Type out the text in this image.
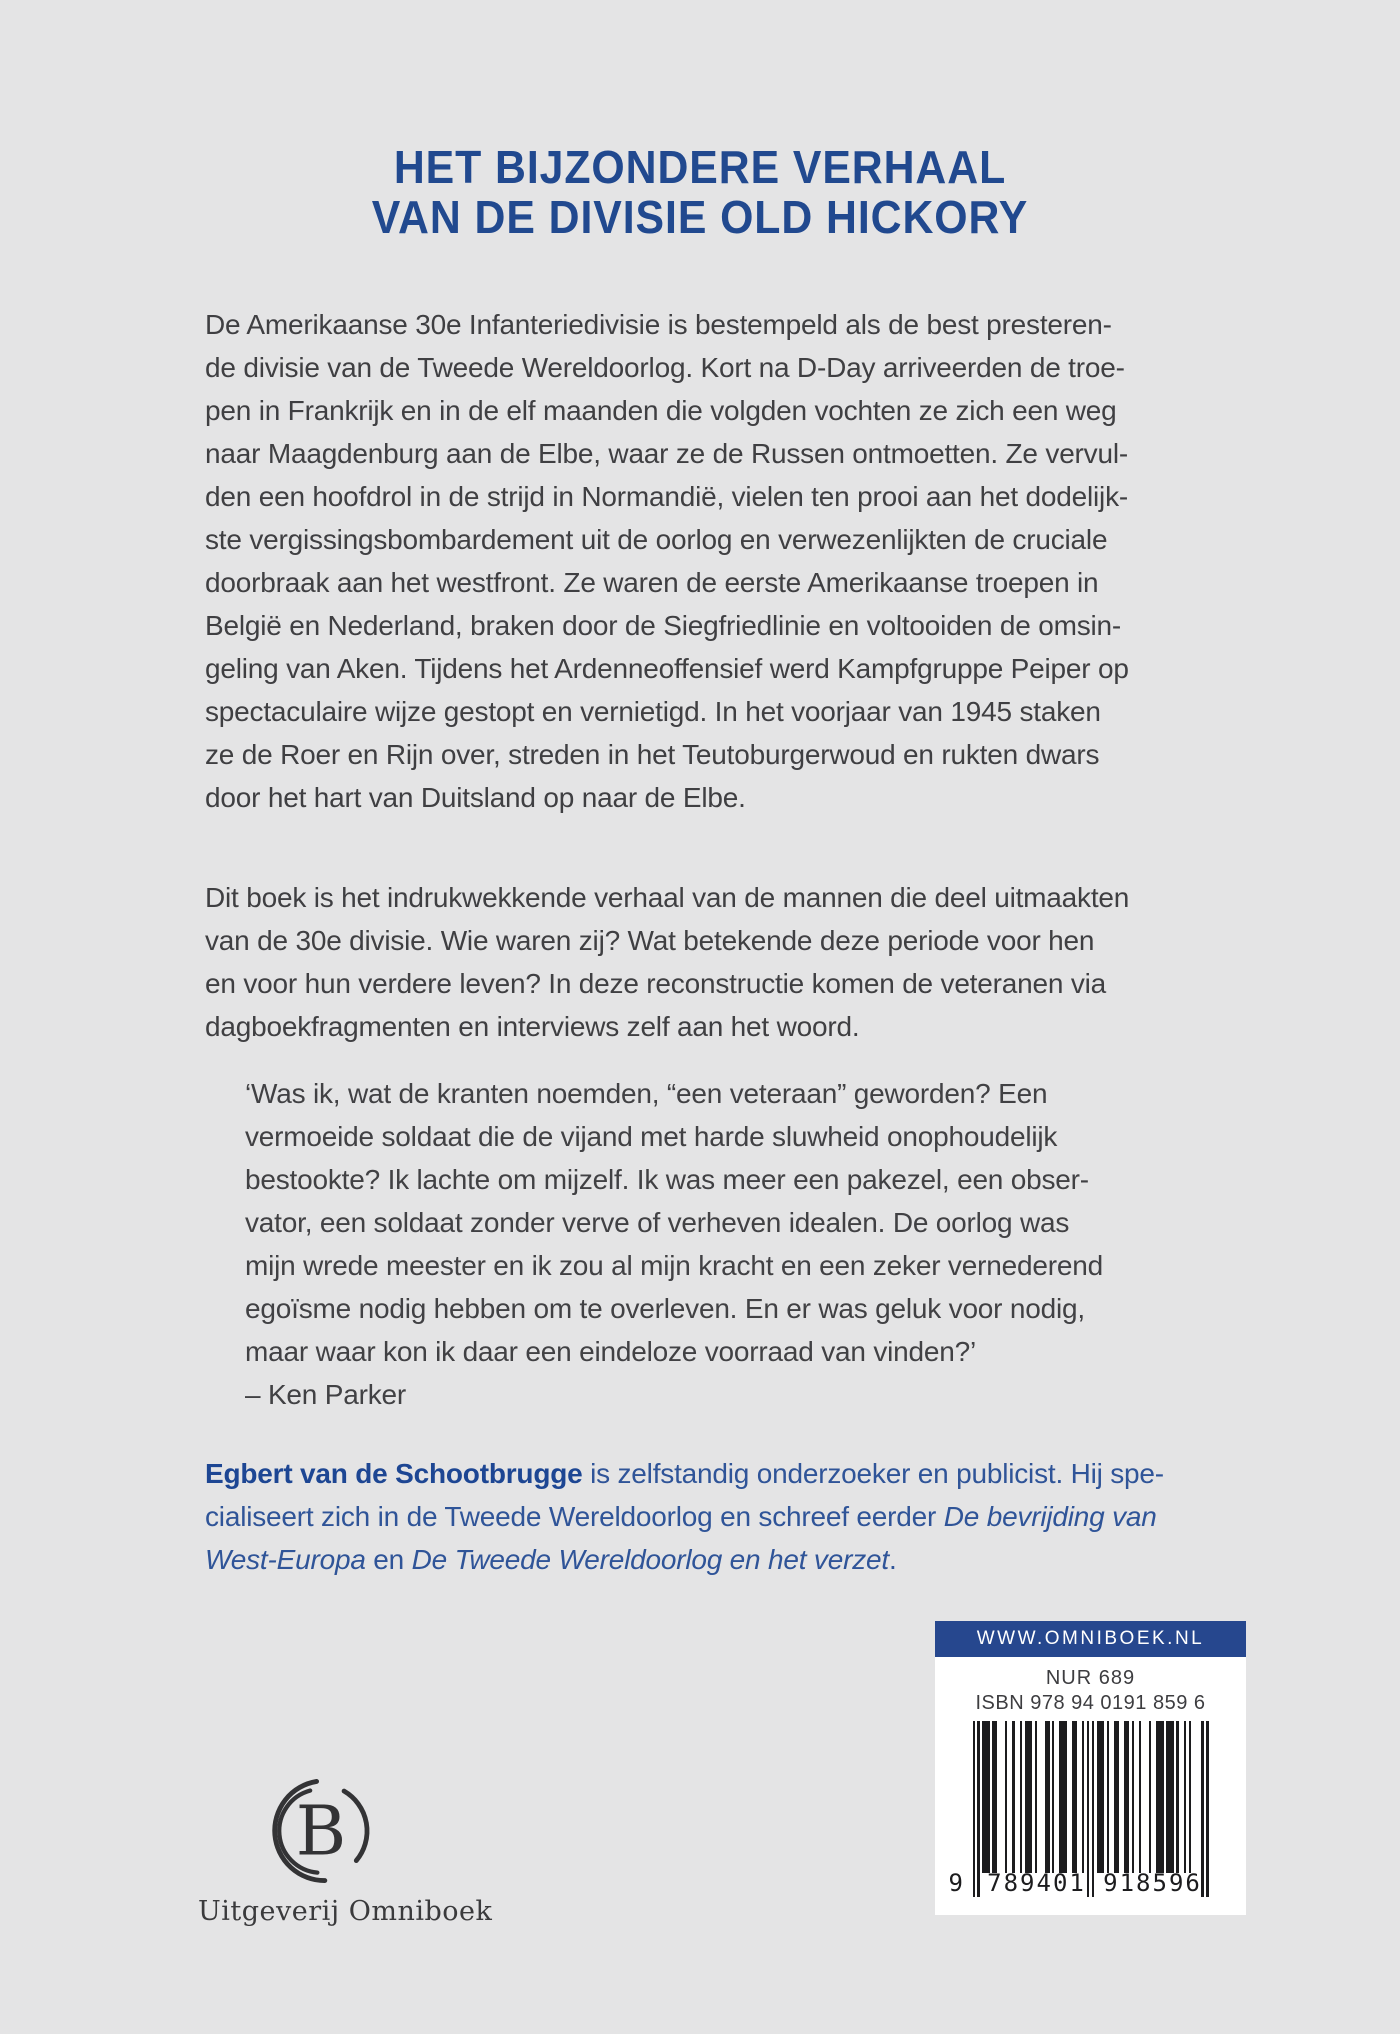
HET BIJZONDERE VERHAAL
VAN DE DIVISIE OLD HICKORY
De Amerikaanse 30e Infanteriedivisie is bestempeld als de best presteren-
de divisie van de Tweede Wereldoorlog. Kort na D-Day arriveerden de troe-
pen in Frankrijk en in de elf maanden die volgden vochten ze zich een weg
naar Maagdenburg aan de Elbe, waar ze de Russen ontmoetten. Ze vervul-
den een hoofdrol in de strijd in Normandië, vielen ten prooi aan het dodelijk-
ste vergissingsbombardement uit de oorlog en verwezenlijkten de cruciale
doorbraak aan het westfront. Ze waren de eerste Amerikaanse troepen in
België en Nederland, braken door de Siegfriedlinie en voltooiden de omsin-
geling van Aken. Tijdens het Ardenneoffensief werd Kampfgruppe Peiper op
spectaculaire wijze gestopt en vernietigd. In het voorjaar van 1945 staken
ze de Roer en Rijn over, streden in het Teutoburgerwoud en rukten dwars
door het hart van Duitsland op naar de Elbe.
Dit boek is het indrukwekkende verhaal van de mannen die deel uitmaakten
van de 30e divisie. Wie waren zij? Wat betekende deze periode voor hen
en voor hun verdere leven? In deze reconstructie komen de veteranen via
dagboekfragmenten en interviews zelf aan het woord.
‘Was ik, wat de kranten noemden, “een veteraan” geworden? Een
vermoeide soldaat die de vijand met harde sluwheid onophoudelijk
bestookte? Ik lachte om mijzelf. Ik was meer een pakezel, een obser-
vator, een soldaat zonder verve of verheven idealen. De oorlog was
mijn wrede meester en ik zou al mijn kracht en een zeker vernederend
egoïsme nodig hebben om te overleven. En er was geluk voor nodig,
maar waar kon ik daar een eindeloze voorraad van vinden?’
– Ken Parker
Egbert van de Schootbrugge is zelfstandig onderzoeker en publicist. Hij spe-
cialiseert zich in de Tweede Wereldoorlog en schreef eerder De bevrijding van
West-Europa en De Tweede Wereldoorlog en het verzet.
WWW.OMNIBOEK.NL
NUR 689
ISBN 978 94 0191 859 6
9 789401 918596
B
Uitgeverij Omniboek
